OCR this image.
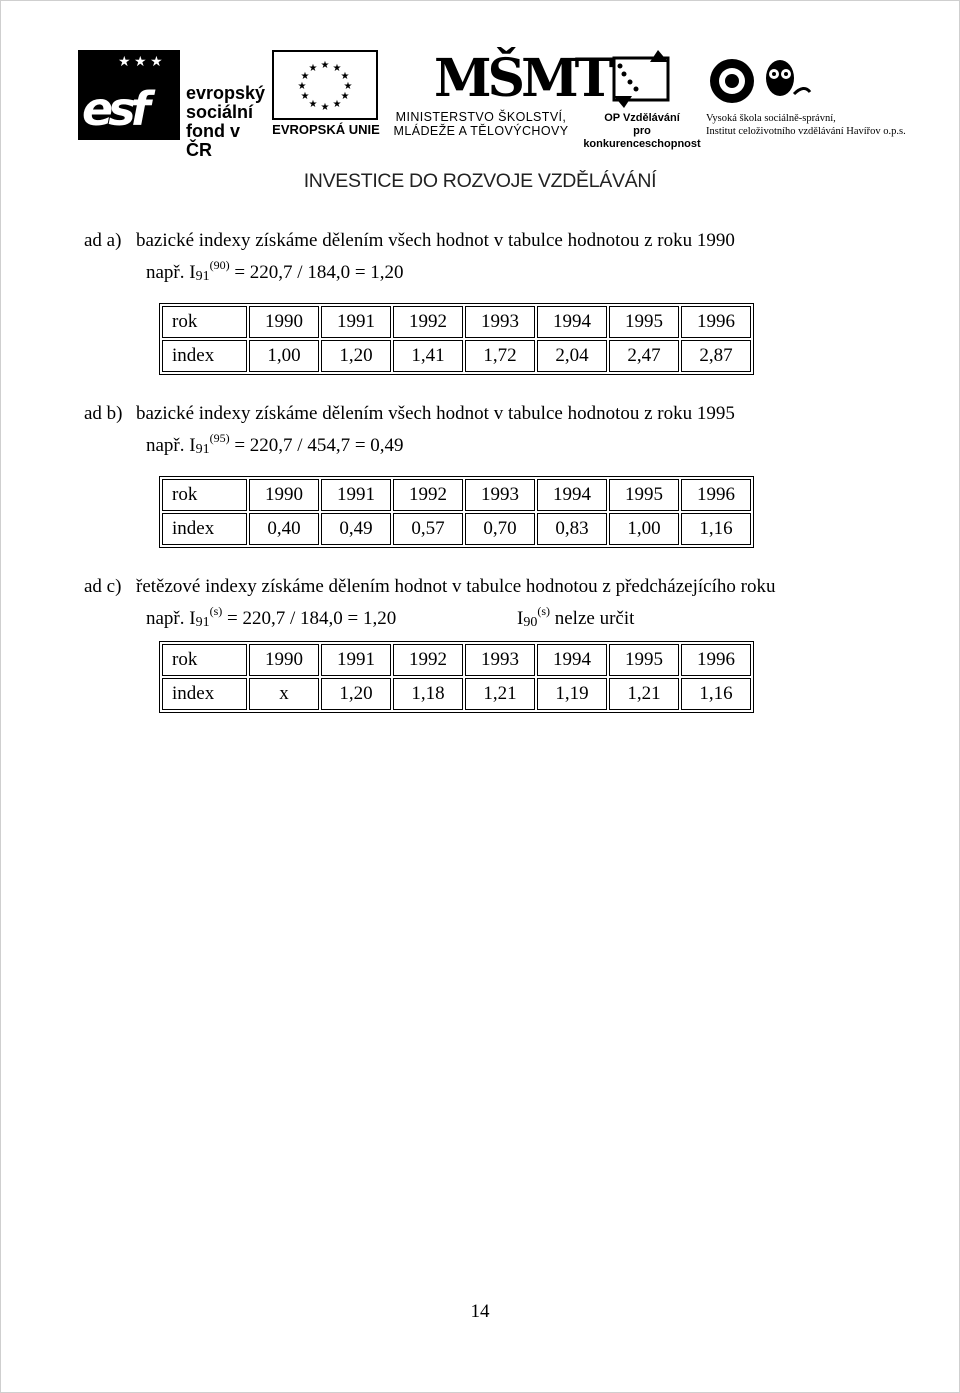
★ ★ ★
esf evropský
sociální
fond v ČR
★ ★
★
★
★
★
★
★
★
★
★
★
EVROPSKÁ UNIE
MŠMT
MINISTERSTVO ŠKOLSTVÍ,
MLÁDEŽE A TĚLOVÝCHOVY
OP Vzdělávání
pro konkurenceschopnost
Vysoká škola sociálně-správní,
Institut celoživotního vzdělávání Havířov o.p.s.
INVESTICE DO ROZVOJE VZDĚLÁVÁNÍ
ad a) bazické indexy získáme dělením všech hodnot v tabulce hodnotou z roku 1990
např. $I_{91}^{(90)} = 220,7 / 184,0 = 1,20$
rok	1990	1991	1992	1993	1994	1995	1996
index	1,00	1,20	1,41	1,72	2,04	2,47	2,87
ad b) bazické indexy získáme dělením všech hodnot v tabulce hodnotou z roku 1995
např. $I_{91}^{(95)} = 220,7 / 454,7 = 0,49$
rok	1990	1991	1992	1993	1994	1995	1996
index	0,40	0,49	0,57	0,70	0,83	1,00	1,16
ad c) řetězové indexy získáme dělením hodnot v tabulce hodnotou z předcházejícího roku
např. $I_{91}^{(s)} = 220,7 / 184,0 = 1,20$	$I_{90}^{(s)}$ nelze určit
rok	1990	1991	1992	1993	1994	1995	1996
index	x	1,20	1,18	1,21	1,19	1,21	1,16
14
